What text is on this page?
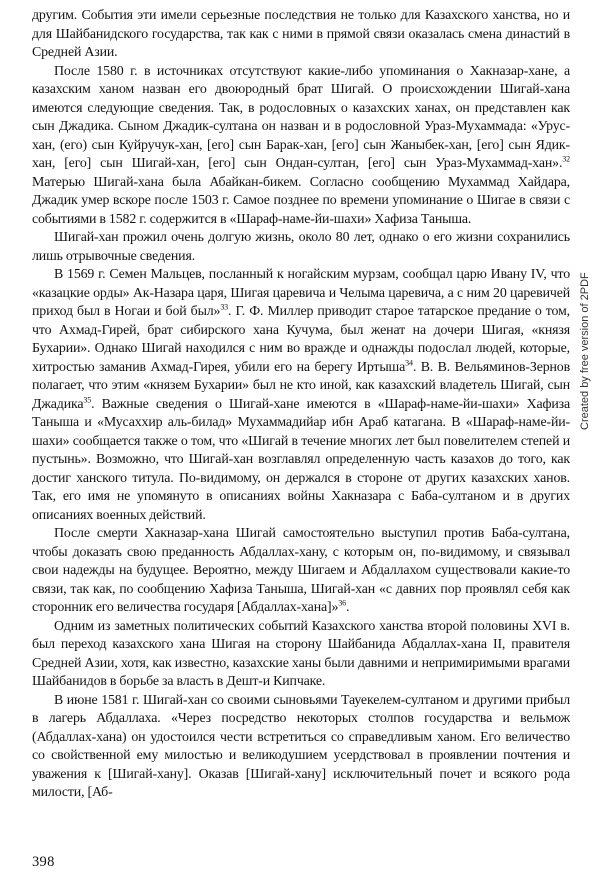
другим. События эти имели серьезные последствия не только для Казахского ханства, но и для Шайбанидского государства, так как с ними в прямой связи оказалась смена династий в Средней Азии.

После 1580 г. в источниках отсутствуют какие-либо упоминания о Хакназар-хане, а казахским ханом назван его двоюродный брат Шигай. О происхождении Шигай-хана имеются следующие сведения. Так, в родословных о казахских ханах, он представлен как сын Джадика. Сыном Джадик-султана он назван и в родословной Ураз-Мухаммада: «Урус-хан, (его) сын Куйручук-хан, [его] сын Барак-хан, [его] сын Жаныбек-хан, [его] сын Ядик-хан, [его] сын Шигай-хан, [его] сын Ондан-султан, [его] сын Ураз-Мухаммад-хан».$^{32}$ Матерью Шигай-хана была Абайкан-бикем. Согласно сообщению Мухаммад Хайдара, Джадик умер вскоре после 1503 г. Самое позднее по времени упоминание о Шигае в связи с событиями в 1582 г. содержится в «Шараф-наме-йи-шахи» Хафиза Таныша.

Шигай-хан прожил очень долгую жизнь, около 80 лет, однако о его жизни сохранились лишь отрывочные сведения.

В 1569 г. Семен Мальцев, посланный к ногайским мурзам, сообщал царю Ивану IV, что «казацкие орды» Ак-Назара царя, Шигая царевича и Челыма царевича, а с ним 20 царевичей приход был в Ногаи и бой был»$^{33}$. Г. Ф. Миллер приводит старое татарское предание о том, что Ахмад-Гирей, брат сибирского хана Кучума, был женат на дочери Шигая, «князя Бухарии». Однако Шигай находился с ним во вражде и однажды подослал людей, которые, хитростью заманив Ахмад-Гирея, убили его на берегу Иртыша$^{34}$. В. В. Вельяминов-Зернов полагает, что этим «князем Бухарии» был не кто иной, как казахский владетель Шигай, сын Джадика$^{35}$. Важные сведения о Шигай-хане имеются в «Шараф-наме-йи-шахи» Хафиза Таныша и «Мусаххир аль-билад» Мухаммадийар ибн Араб катагана. В «Шараф-наме-йи-шахи» сообщается также о том, что «Шигай в течение многих лет был повелителем степей и пустынь». Возможно, что Шигай-хан возглавлял определенную часть казахов до того, как достиг ханского титула. По-видимому, он держался в стороне от других казахских ханов. Так, его имя не упомянуто в описаниях войны Хакназара с Баба-султаном и в других описаниях военных действий.

После смерти Хакназар-хана Шигай самостоятельно выступил против Баба-султана, чтобы доказать свою преданность Абдаллах-хану, с которым он, по-видимому, и связывал свои надежды на будущее. Вероятно, между Шигаем и Абдаллахом существовали какие-то связи, так как, по сообщению Хафиза Таныша, Шигай-хан «с давних пор проявлял себя как сторонник его величества государя [Абдаллах-хана]»$^{36}$.

Одним из заметных политических событий Казахского ханства второй половины XVI в. был переход казахского хана Шигая на сторону Шайбанида Абдаллах-хана II, правителя Средней Азии, хотя, как известно, казахские ханы были давними и непримиримыми врагами Шайбанидов в борьбе за власть в Дешт-и Кипчаке.

В июне 1581 г. Шигай-хан со своими сыновьями Тауекелем-султаном и другими прибыл в лагерь Абдаллаха. «Через посредство некоторых столпов государства и вельмож (Абдаллах-хана) он удостоился чести встретиться со справедливым ханом. Его величество со свойственной ему милостью и великодушием усердствовал в проявлении почтения и уважения к [Шигай-хану]. Оказав [Шигай-хану] исключительный почет и всякого рода милости, [Аб-

398
Created by free version of 2PDF
